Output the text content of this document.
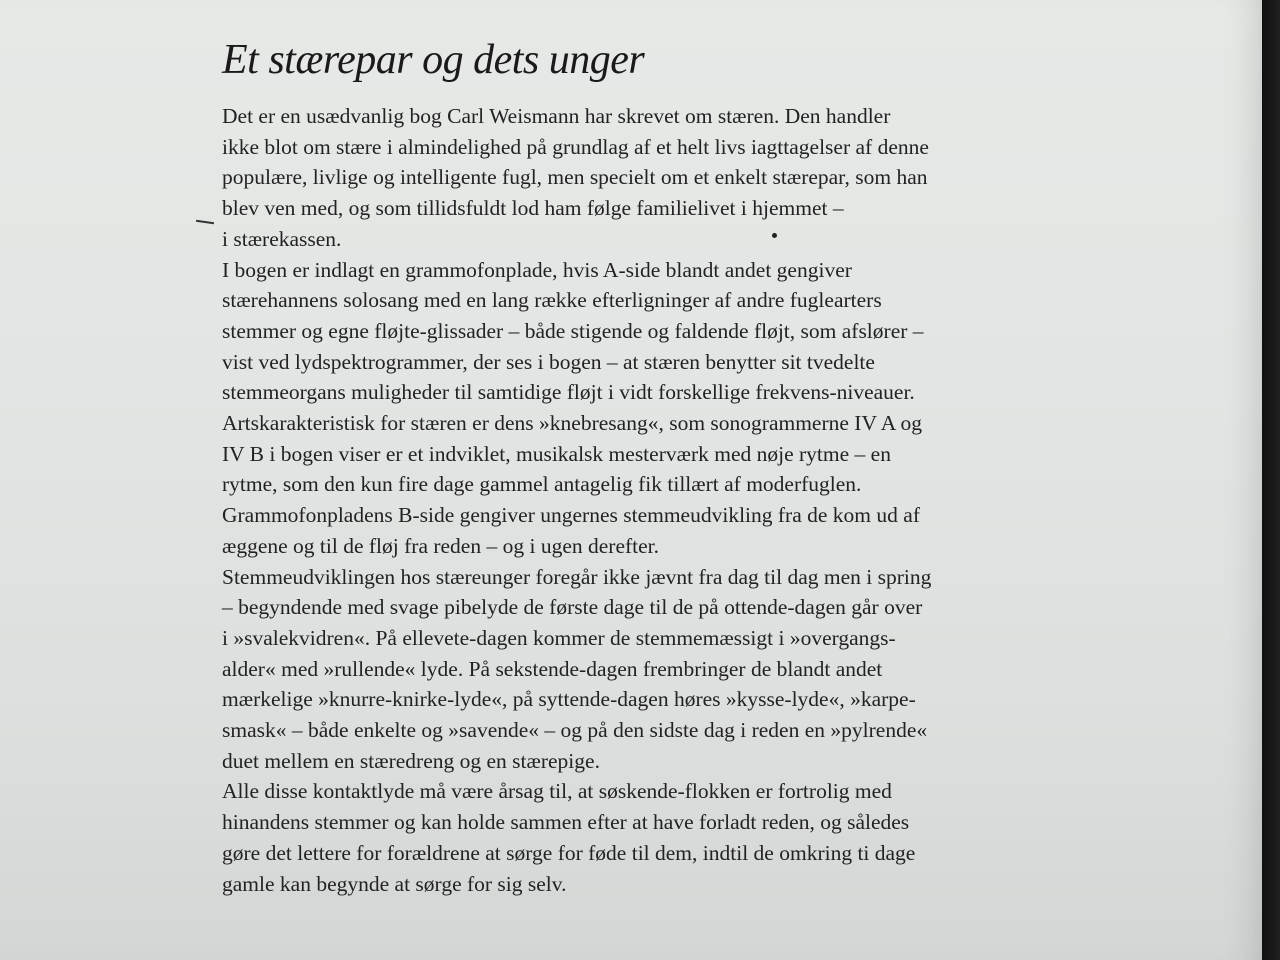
Et stærepar og dets unger
Det er en usædvanlig bog Carl Weismann har skrevet om stæren. Den handler
ikke blot om stære i almindelighed på grundlag af et helt livs iagttagelser af denne
populære, livlige og intelligente fugl, men specielt om et enkelt stærepar, som han
blev ven med, og som tillidsfuldt lod ham følge familielivet i hjemmet –
i stærekassen.
I bogen er indlagt en grammofonplade, hvis A-side blandt andet gengiver
stærehannens solosang med en lang række efterligninger af andre fuglearters
stemmer og egne fløjte-glissader – både stigende og faldende fløjt, som afslører –
vist ved lydspektrogrammer, der ses i bogen – at stæren benytter sit tvedelte
stemmeorgans muligheder til samtidige fløjt i vidt forskellige frekvens-niveauer.
Artskarakteristisk for stæren er dens »knebresang«, som sonogrammerne IV A og
IV B i bogen viser er et indviklet, musikalsk mesterværk med nøje rytme – en
rytme, som den kun fire dage gammel antagelig fik tillært af moderfuglen.
Grammofonpladens B-side gengiver ungernes stemmeudvikling fra de kom ud af
æggene og til de fløj fra reden – og i ugen derefter.
Stemmeudviklingen hos stæreunger foregår ikke jævnt fra dag til dag men i spring
– begyndende med svage pibelyde de første dage til de på ottende-dagen går over
i »svalekvidren«. På ellevete-dagen kommer de stemmemæssigt i »overgangs-
alder« med »rullende« lyde. På sekstende-dagen frembringer de blandt andet
mærkelige »knurre-knirke-lyde«, på syttende-dagen høres »kysse-lyde«, »karpe-
smask« – både enkelte og »savende« – og på den sidste dag i reden en »pylrende«
duet mellem en stæredreng og en stærepige.
Alle disse kontaktlyde må være årsag til, at søskende-flokken er fortrolig med
hinandens stemmer og kan holde sammen efter at have forladt reden, og således
gøre det lettere for forældrene at sørge for føde til dem, indtil de omkring ti dage
gamle kan begynde at sørge for sig selv.
